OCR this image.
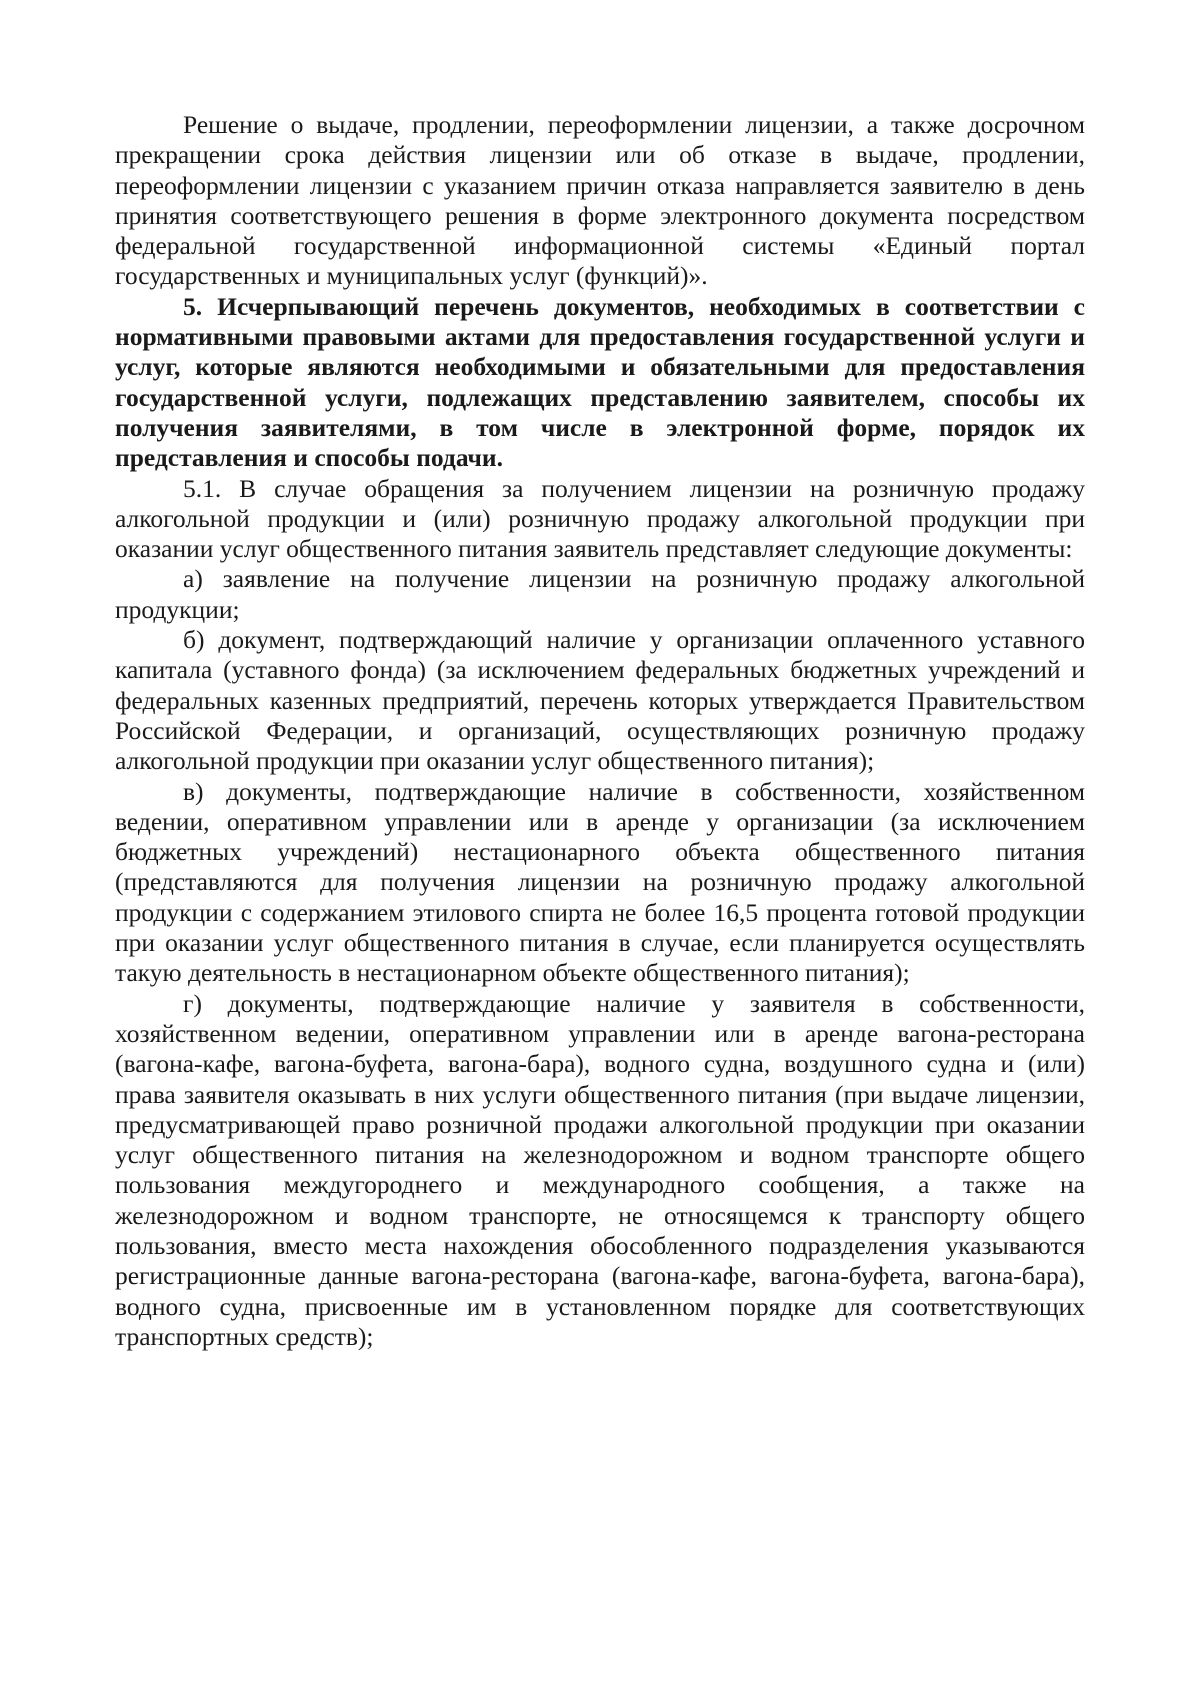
Решение о выдаче, продлении, переоформлении лицензии, а также досрочном прекращении срока действия лицензии или об отказе в выдаче, продлении, переоформлении лицензии с указанием причин отказа направляется заявителю в день принятия соответствующего решения в форме электронного документа посредством федеральной государственной информационной системы «Единый портал государственных и муниципальных услуг (функций)».

5. Исчерпывающий перечень документов, необходимых в соответствии с нормативными правовыми актами для предоставления государственной услуги и услуг, которые являются необходимыми и обязательными для предоставления государственной услуги, подлежащих представлению заявителем, способы их получения заявителями, в том числе в электронной форме, порядок их представления и способы подачи.

5.1. В случае обращения за получением лицензии на розничную продажу алкогольной продукции и (или) розничную продажу алкогольной продукции при оказании услуг общественного питания заявитель представляет следующие документы:

а) заявление на получение лицензии на розничную продажу алкогольной продукции;

б) документ, подтверждающий наличие у организации оплаченного уставного капитала (уставного фонда) (за исключением федеральных бюджетных учреждений и федеральных казенных предприятий, перечень которых утверждается Правительством Российской Федерации, и организаций, осуществляющих розничную продажу алкогольной продукции при оказании услуг общественного питания);

в) документы, подтверждающие наличие в собственности, хозяйственном ведении, оперативном управлении или в аренде у организации (за исключением бюджетных учреждений) нестационарного объекта общественного питания (представляются для получения лицензии на розничную продажу алкогольной продукции с содержанием этилового спирта не более 16,5 процента готовой продукции при оказании услуг общественного питания в случае, если планируется осуществлять такую деятельность в нестационарном объекте общественного питания);

г) документы, подтверждающие наличие у заявителя в собственности, хозяйственном ведении, оперативном управлении или в аренде вагона-ресторана (вагона-кафе, вагона-буфета, вагона-бара), водного судна, воздушного судна и (или) права заявителя оказывать в них услуги общественного питания (при выдаче лицензии, предусматривающей право розничной продажи алкогольной продукции при оказании услуг общественного питания на железнодорожном и водном транспорте общего пользования междугороднего и международного сообщения, а также на железнодорожном и водном транспорте, не относящемся к транспорту общего пользования, вместо места нахождения обособленного подразделения указываются регистрационные данные вагона-ресторана (вагона-кафе, вагона-буфета, вагона-бара), водного судна, присвоенные им в установленном порядке для соответствующих транспортных средств);
